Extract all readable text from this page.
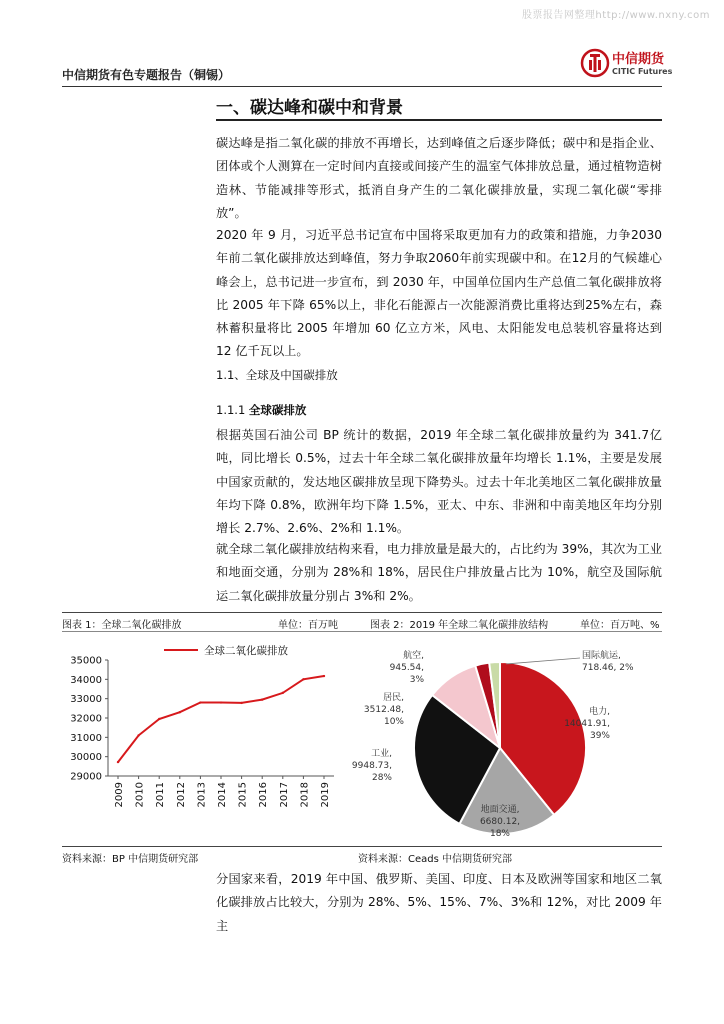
股票报告网整理http://www.nxny.com
中信期货有色专题报告（铜锡）
中信期货
CITIC Futures
一、碳达峰和碳中和背景
碳达峰是指二氧化碳的排放不再增长，达到峰值之后逐步降低；碳中和是指企业、团体或个人测算在一定时间内直接或间接产生的温室气体排放总量，通过植物造树造林、节能减排等形式，抵消自身产生的二氧化碳排放量，实现二氧化碳“零排放”。
2020 年 9 月，习近平总书记宣布中国将采取更加有力的政策和措施，力争2030年前二氧化碳排放达到峰值，努力争取2060年前实现碳中和。在12月的气候雄心峰会上，总书记进一步宣布，到 2030 年，中国单位国内生产总值二氧化碳排放将比 2005 年下降 65%以上，非化石能源占一次能源消费比重将达到25%左右，森林蓄积量将比 2005 年增加 60 亿立方米，风电、太阳能发电总装机容量将达到 12 亿千瓦以上。
1.1、全球及中国碳排放
1.1.1 全球碳排放
根据英国石油公司 BP 统计的数据，2019 年全球二氧化碳排放量约为 341.7亿吨，同比增长 0.5%，过去十年全球二氧化碳排放量年均增长 1.1%，主要是发展中国家贡献的，发达地区碳排放呈现下降势头。过去十年北美地区二氧化碳排放量年均下降 0.8%，欧洲年均下降 1.5%，亚太、中东、非洲和中南美地区年均分别增长 2.7%、2.6%、2%和 1.1%。
就全球二氧化碳排放结构来看，电力排放量是最大的，占比约为 39%，其次为工业和地面交通，分别为 28%和 18%，居民住户排放量占比为 10%，航空及国际航运二氧化碳排放量分别占 3%和 2%。
图表 1：全球二氧化碳排放	单位：百万吨	图表 2：2019 年全球二氧化碳排放结构	单位：百万吨、%
35000
34000
33000
32000
31000
30000
29000
2009 2010 2011 2012 2013 2014 2015 2016 2017 2018 2019
全球二氧化碳排放
电力,
14041.91,
39%
地面交通,
6680.12,
18%
工业,
9948.73,
28%
居民,
3512.48,
10%
航空,
945.54,
3%
国际航运,
718.46, 2%
资料来源：BP 中信期货研究部	资料来源：Ceads 中信期货研究部
分国家来看，2019 年中国、俄罗斯、美国、印度、日本及欧洲等国家和地区二氧化碳排放占比较大，分别为 28%、5%、15%、7%、3%和 12%，对比 2009 年主
